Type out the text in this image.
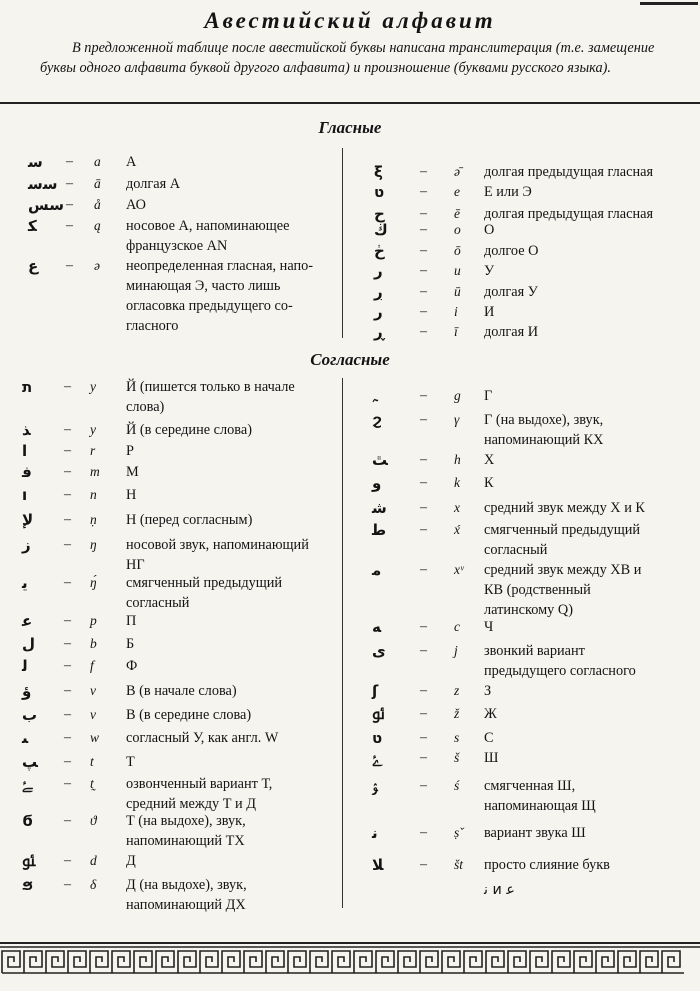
Авестийский алфавит
В предложенной таблице после авестийской буквы написана транслитерация (т.е. замещение буквы одного алфавита буквой другого алфавита) и произношение (буквами русского языка).
Гласные
ﺳ – a А
ﺳﺳ – ā долгая А
ﺳﺲ – å АО
ﻜ – ą носовое А, напоминающее
французское AN
ع – ə неопределенная гласная, напо-
минающая Э, часто лишь
огласовка предыдущего со-
гласного
ξ	– ə̄ долгая предыдущая гласная
ט	– e Е или Э
ح	– ē долгая предыдущая гласная
ڬ – o О
ڂ	– ō долгое О
ر	– u У
ڔ	– ū долгая У
ر	– i И
ڕ	– ī долгая И
Согласные
ת – y Й (пишется только в начале
слова)
ﺬ – y Й (в середине слова)
ا	– r Р
ﻓ – m М
ı	– n Н
ﻹ – ṇ Н (перед согласным)
ﺯ – ŋ носовой звук, напоминающий
НГ
ﻳ	– ŋ́ смягченный предыдущий
согласный
ﻋ – p П
ﻝ – b Б
ﻟ	– f Ф
ﺅ – v В (в начале слова)
ﺏ – v В (в середине слова)
ﯩ	– w согласный У, как англ. W
ﭗ – t Т
ﮱ – t̰ озвонченный вариант Т,
средний между Т и Д
ϭ – ϑ Т (на выдохе), звук,
напоминающий ТХ
ﯯ – d Д
ϧ – δ Д (на выдохе), звук,
напоминающий ДХ
ﮧ	– g Г
ϩ	– γ Г (на выдохе), звук,
напоминающий КХ
ﭣ – h Х
ﻭ	– k К
ﺷ – x средний звук между Х и К
ﻃ – x́ смягченный предыдущий
согласный
ﻣ	– xᵛ средний звук между ХВ и
КВ (родственный
латинскому Q)
ﻪ	– c Ч
ﻯ – j звонкий вариант
предыдущего согласного
ʃ	– z З
ﯮ	– ž Ж
ט	– s С
ﮰ	– š Ш
ﯣ	– ś смягченная Ш,
напоминающая Щ
ﻧ	– ṣ̌ вариант звука Ш
ﻼ	– št просто слияние букв
ﻧ и ﻋ
